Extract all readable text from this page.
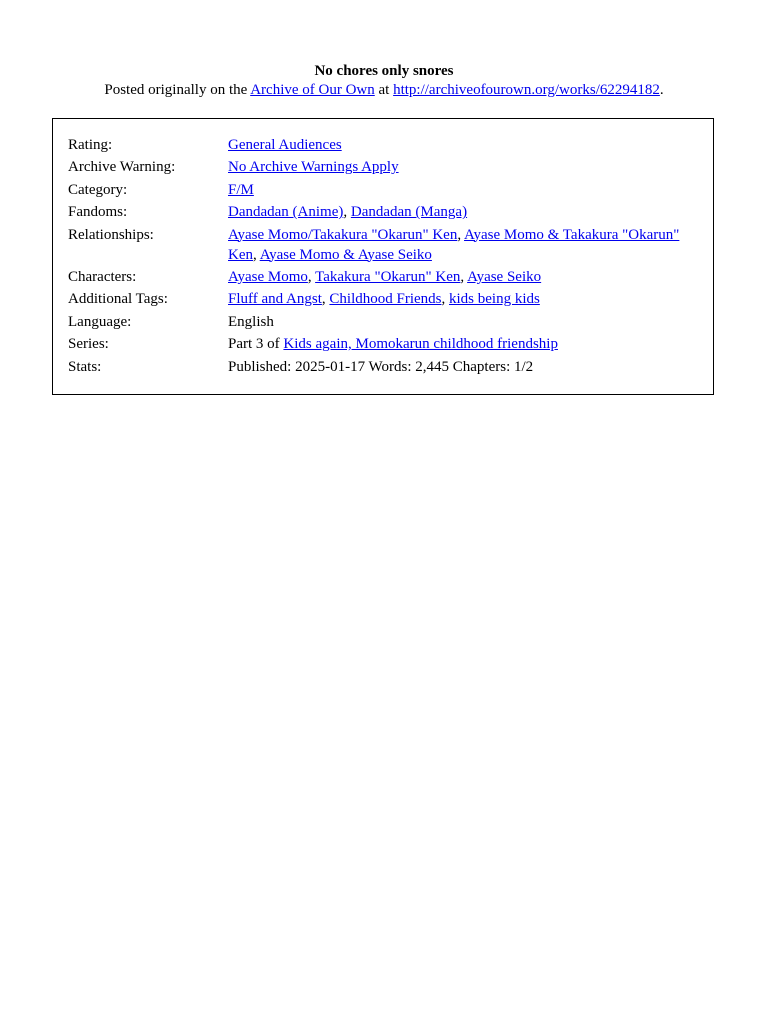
No chores only snores
Posted originally on the Archive of Our Own at http://archiveofourown.org/works/62294182.
Rating:	General Audiences
Archive Warning:	No Archive Warnings Apply
Category:	F/M
Fandoms:	Dandadan (Anime), Dandadan (Manga)
Relationships:	Ayase Momo/Takakura "Okarun" Ken, Ayase Momo & Takakura "Okarun" Ken, Ayase Momo & Ayase Seiko
Characters:	Ayase Momo, Takakura "Okarun" Ken, Ayase Seiko
Additional Tags:	Fluff and Angst, Childhood Friends, kids being kids
Language:	English
Series:	Part 3 of Kids again, Momokarun childhood friendship
Stats:	Published: 2025-01-17 Words: 2,445 Chapters: 1/2
